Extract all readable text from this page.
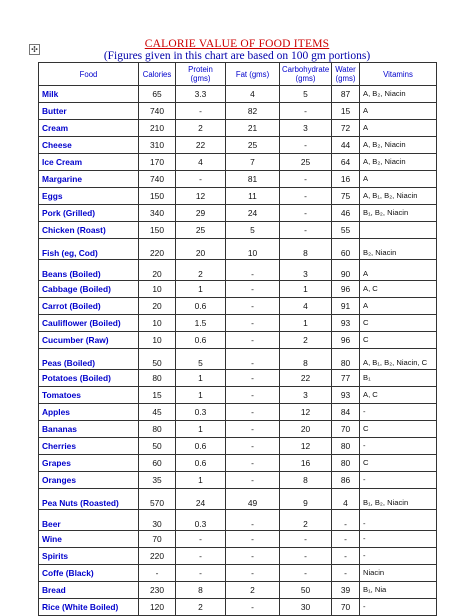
✣	CALORIE VALUE OF FOOD ITEMS
(Figures given in this chart are based on 100 gm portions)
Food	Calories	Protein (gms)	Fat (gms)	Carbohydrate (gms)	Water (gms)	Vitamins
Milk	65	3.3	4	5	87	A, B₂, Niacin
Butter	740	-	82	-	15	A
Cream	210	2	21	3	72	A
Cheese	310	22	25	-	44	A, B₂, Niacin
Ice Cream	170	4	7	25	64	A, B₂, Niacin
Margarine	740	-	81	-	16	A
Eggs	150	12	11	-	75	A, B₁, B₂, Niacin
Pork (Grilled)	340	29	24	-	46	B₁, B₂, Niacin
Chicken (Roast)	150	25	5	-	55	
Fish (eg, Cod)	220	20	10	8	60	B₂, Niacin
Beans (Boiled)	20	2	-	3	90	A
Cabbage (Boiled)	10	1	-	1	96	A, C
Carrot (Boiled)	20	0.6	-	4	91	A
Cauliflower (Boiled)	10	1.5	-	1	93	C
Cucumber (Raw)	10	0.6	-	2	96	C
Peas (Boiled)	50	5	-	8	80	A, B₁, B₂, Niacin, C
Potatoes (Boiled)	80	1	-	22	77	B₁
Tomatoes	15	1	-	3	93	A, C
Apples	45	0.3	-	12	84	-
Bananas	80	1	-	20	70	C
Cherries	50	0.6	-	12	80	-
Grapes	60	0.6	-	16	80	C
Oranges	35	1	-	8	86	-
Pea Nuts (Roasted)	570	24	49	9	4	B₁, B₂, Niacin
Beer	30	0.3	-	2	-	-
Wine	70	-	-	-	-	-
Spirits	220	-	-	-	-	-
Coffe (Black)	-	-	-	-	-	Niacin
Bread	230	8	2	50	39	B₁, Nia
Rice (White Boiled)	120	2	-	30	70	-
